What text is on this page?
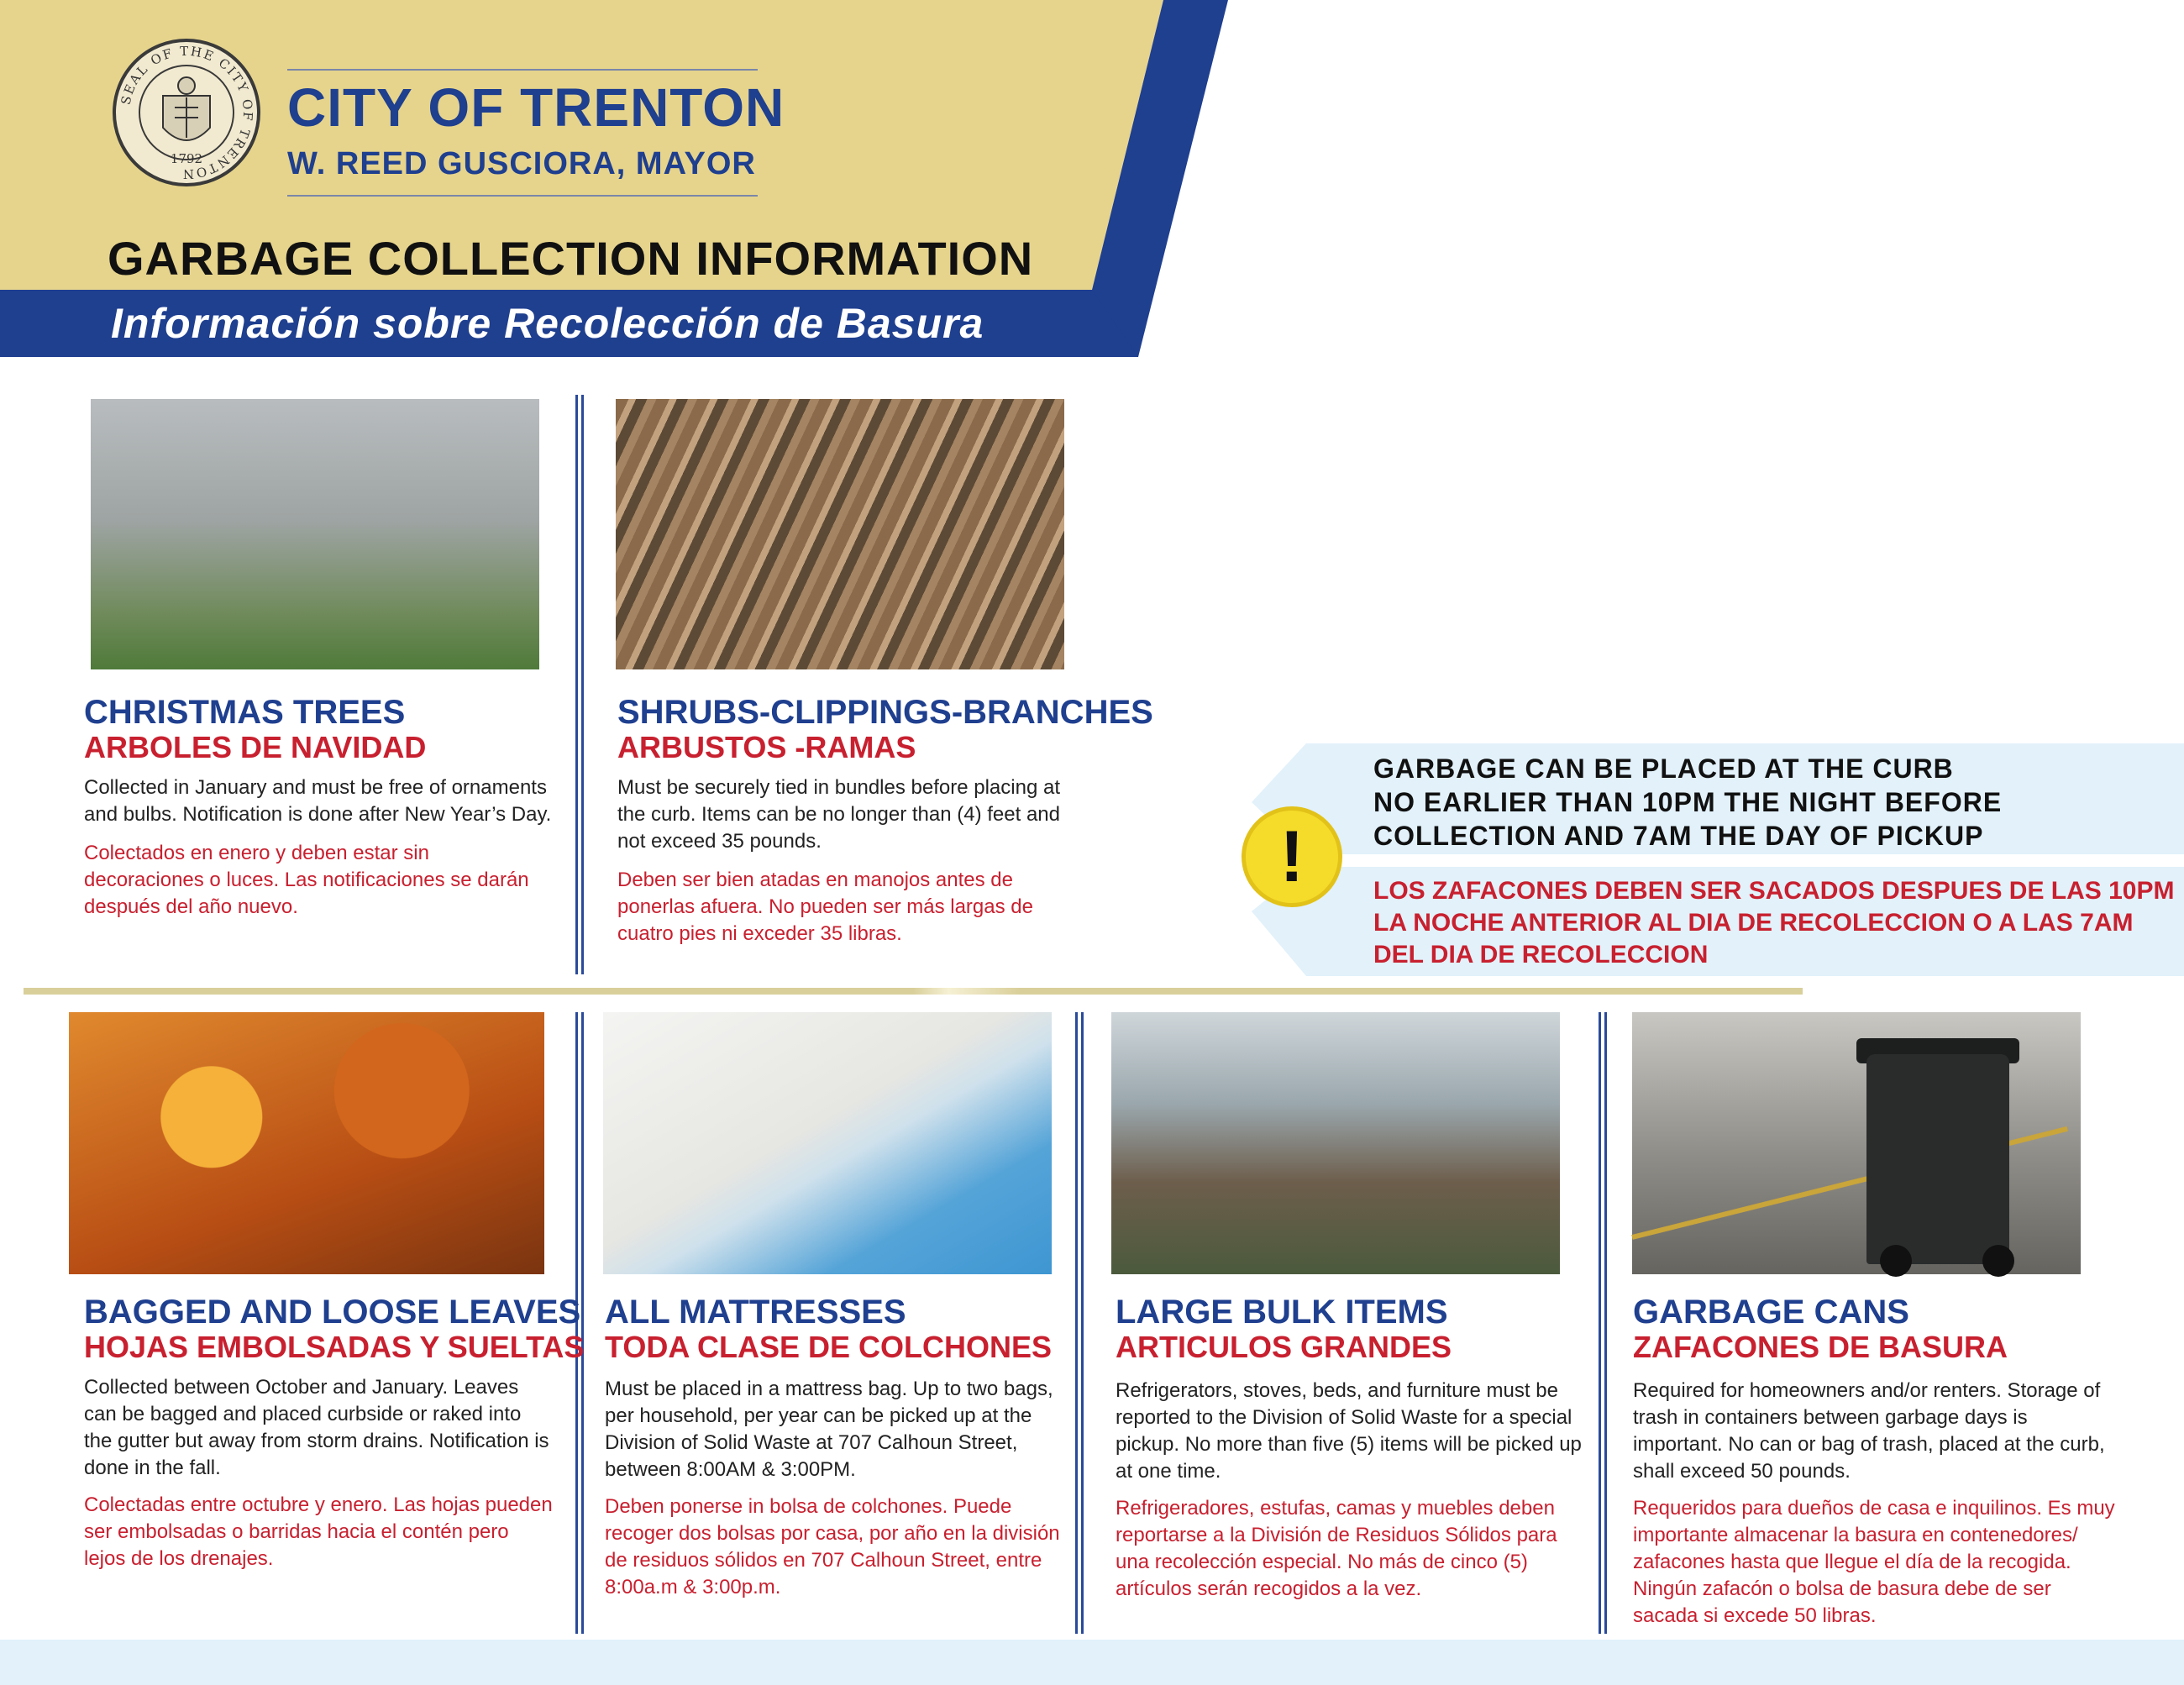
SEAL OF THE CITY OF TRENTON
1792
CITY OF TRENTON
W. REED GUSCIORA, MAYOR
GARBAGE COLLECTION INFORMATION
Información sobre Recolección de Basura
CHRISTMAS TREES
ARBOLES DE NAVIDAD
Collected in January and must be free of ornaments and bulbs. Notification is done after New Year’s Day.
Colectados en enero y deben estar sin decoraciones o luces. Las notificaciones se darán después del año nuevo.
SHRUBS-CLIPPINGS-BRANCHES
ARBUSTOS -RAMAS
Must be securely tied in bundles before placing at the curb. Items can be no longer than (4) feet and not exceed 35 pounds.
Deben ser bien atadas en manojos antes de ponerlas afuera. No pueden ser más largas de cuatro pies ni exceder 35 libras.
!
GARBAGE CAN BE PLACED AT THE CURB
NO EARLIER THAN 10PM THE NIGHT BEFORE
COLLECTION AND 7AM THE DAY OF PICKUP
LOS ZAFACONES DEBEN SER SACADOS DESPUES DE LAS 10PM
LA NOCHE ANTERIOR AL DIA DE RECOLECCION O A LAS 7AM
DEL DIA DE RECOLECCION
BAGGED AND LOOSE LEAVES
HOJAS EMBOLSADAS Y SUELTAS
Collected between October and January. Leaves can be bagged and placed curbside or raked into the gutter but away from storm drains. Notification is done in the fall.
Colectadas entre octubre y enero. Las hojas pueden ser embolsadas o barridas hacia el contén pero lejos de los drenajes.
ALL MATTRESSES
TODA CLASE DE COLCHONES
Must be placed in a mattress bag. Up to two bags, per household, per year can be picked up at the Division of Solid Waste at 707 Calhoun Street, between 8:00AM & 3:00PM.
Deben ponerse in bolsa de colchones. Puede recoger dos bolsas por casa, por año en la división de residuos sólidos en 707 Calhoun Street, entre 8:00a.m & 3:00p.m.
LARGE BULK ITEMS
ARTICULOS GRANDES
Refrigerators, stoves, beds, and furniture must be reported to the Division of Solid Waste for a special pickup. No more than five (5) items will be picked up at one time.
Refrigeradores, estufas, camas y muebles deben reportarse a la División de Residuos Sólidos para una recolección especial. No más de cinco (5) artículos serán recogidos a la vez.
GARBAGE CANS
ZAFACONES DE BASURA
Required for homeowners and/or renters. Storage of trash in containers between garbage days is important. No can or bag of trash, placed at the curb, shall exceed 50 pounds.
Requeridos para dueños de casa e inquilinos. Es muy importante almacenar la basura en contenedores/ zafacones hasta que llegue el día de la recogida. Ningún zafacón o bolsa de basura debe de ser sacada si excede 50 libras.
